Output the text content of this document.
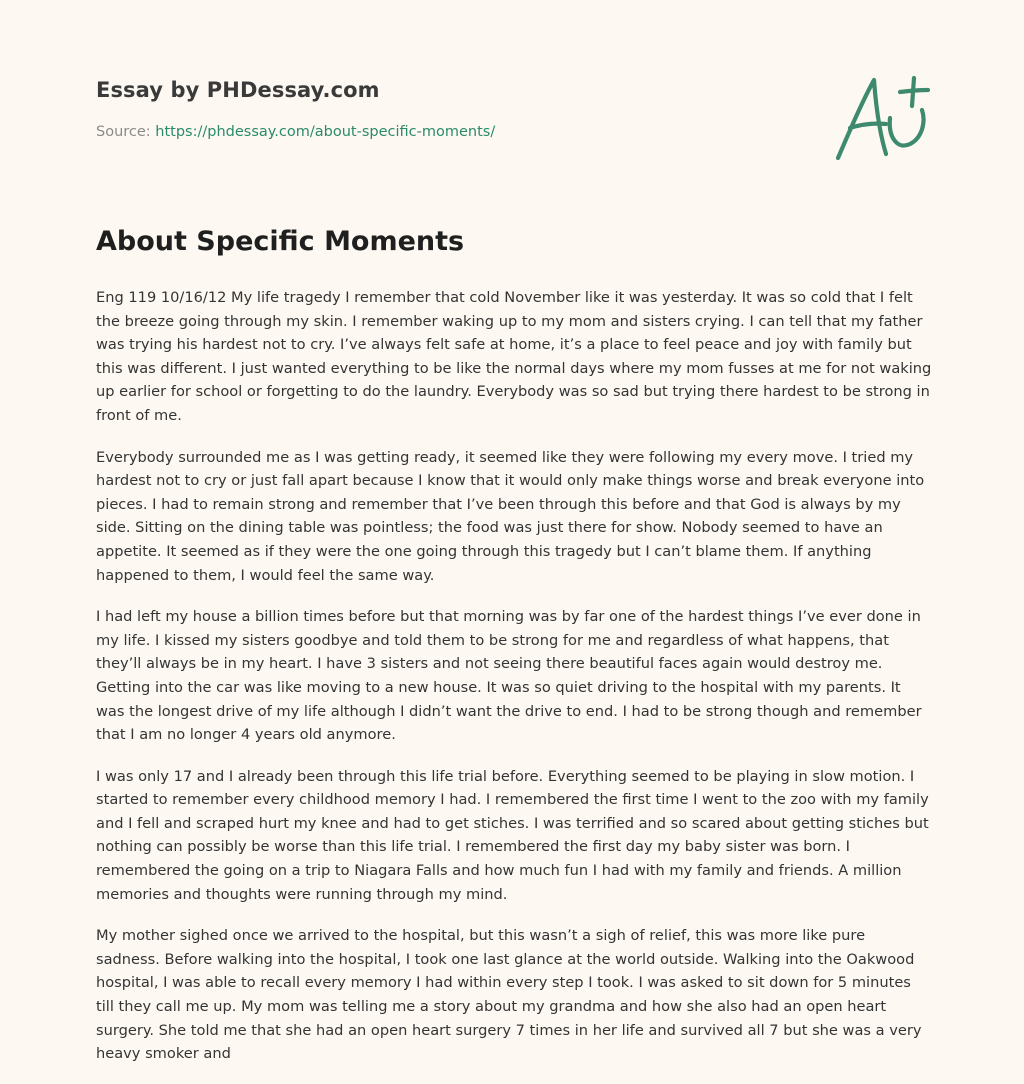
Essay by PHDessay.com
Source: https://phdessay.com/about-specific-moments/
About Specific Moments

Eng 119 10/16/12 My life tragedy I remember that cold November like it was yesterday. It was so cold that I felt the breeze going through my skin. I remember waking up to my mom and sisters crying. I can tell that my father was trying his hardest not to cry. I’ve always felt safe at home, it’s a place to feel peace and joy with family but this was different. I just wanted everything to be like the normal days where my mom fusses at me for not waking up earlier for school or forgetting to do the laundry. Everybody was so sad but trying there hardest to be strong in front of me.

Everybody surrounded me as I was getting ready, it seemed like they were following my every move. I tried my hardest not to cry or just fall apart because I know that it would only make things worse and break everyone into pieces. I had to remain strong and remember that I’ve been through this before and that God is always by my side. Sitting on the dining table was pointless; the food was just there for show. Nobody seemed to have an appetite. It seemed as if they were the one going through this tragedy but I can’t blame them. If anything happened to them, I would feel the same way.

I had left my house a billion times before but that morning was by far one of the hardest things I’ve ever done in my life. I kissed my sisters goodbye and told them to be strong for me and regardless of what happens, that they’ll always be in my heart. I have 3 sisters and not seeing there beautiful faces again would destroy me. Getting into the car was like moving to a new house. It was so quiet driving to the hospital with my parents. It was the longest drive of my life although I didn’t want the drive to end. I had to be strong though and remember that I am no longer 4 years old anymore.

I was only 17 and I already been through this life trial before. Everything seemed to be playing in slow motion. I started to remember every childhood memory I had. I remembered the first time I went to the zoo with my family and I fell and scraped hurt my knee and had to get stiches. I was terrified and so scared about getting stiches but nothing can possibly be worse than this life trial. I remembered the first day my baby sister was born. I remembered the going on a trip to Niagara Falls and how much fun I had with my family and friends. A million memories and thoughts were running through my mind.

My mother sighed once we arrived to the hospital, but this wasn’t a sigh of relief, this was more like pure sadness. Before walking into the hospital, I took one last glance at the world outside. Walking into the Oakwood hospital, I was able to recall every memory I had within every step I took. I was asked to sit down for 5 minutes till they call me up. My mom was telling me a story about my grandma and how she also had an open heart surgery. She told me that she had an open heart surgery 7 times in her life and survived all 7 but she was a very heavy smoker and
